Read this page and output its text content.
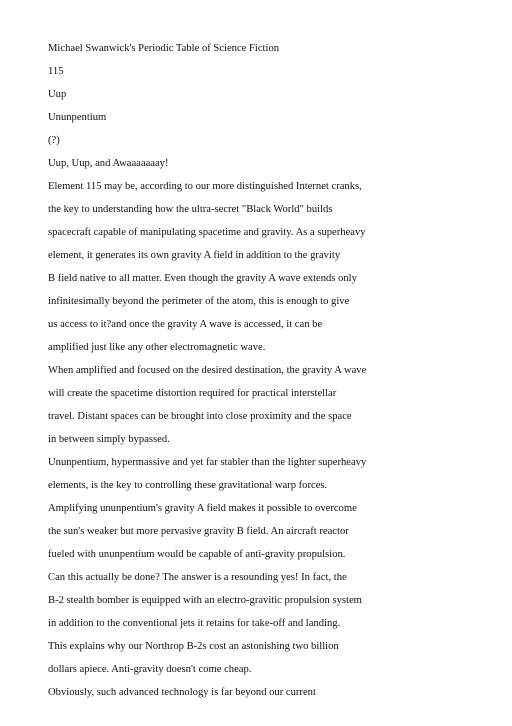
Michael Swanwick's Periodic Table of Science Fiction
115
Uup
Ununpentium
(?)
Uup, Uup, and Awaaaaaaay!
Element 115 may be, according to our more distinguished Internet cranks,
the key to understanding how the ultra-secret "Black World" builds
spacecraft capable of manipulating spacetime and gravity. As a superheavy
element, it generates its own gravity A field in addition to the gravity
B field native to all matter. Even though the gravity A wave extends only
infinitesimally beyond the perimeter of the atom, this is enough to give
us access to it?and once the gravity A wave is accessed, it can be
amplified just like any other electromagnetic wave.
When amplified and focused on the desired destination, the gravity A wave
will create the spacetime distortion required for practical interstellar
travel. Distant spaces can be brought into close proximity and the space
in between simply bypassed.
Ununpentium, hypermassive and yet far stabler than the lighter superheavy
elements, is the key to controlling these gravitational warp forces.
Amplifying ununpentium's gravity A field makes it possible to overcome
the sun's weaker but more pervasive gravity B field. An aircraft reactor
fueled with ununpentium would be capable of anti-gravity propulsion.
Can this actually be done? The answer is a resounding yes! In fact, the
B-2 stealth bomber is equipped with an electro-gravitic propulsion system
in addition to the conventional jets it retains for take-off and landing.
This explains why our Northrop B-2s cost an astonishing two billion
dollars apiece. Anti-gravity doesn't come cheap.
Obviously, such advanced technology is far beyond our current
